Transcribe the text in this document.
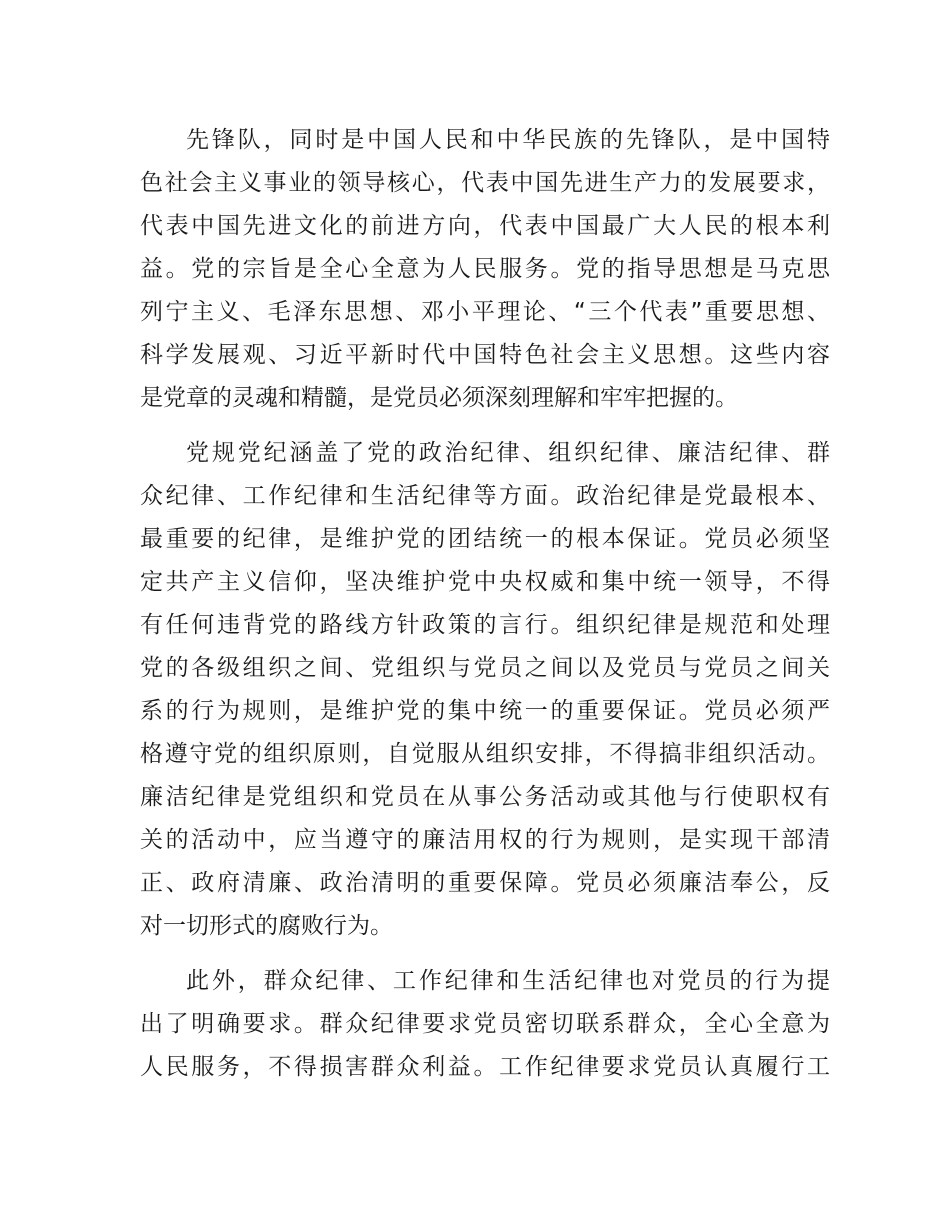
先锋队，同时是中国人民和中华民族的先锋队，是中国特
色社会主义事业的领导核心，代表中国先进生产力的发展要求，
代表中国先进文化的前进方向，代表中国最广大人民的根本利
益。党的宗旨是全心全意为人民服务。党的指导思想是马克思
列宁主义、毛泽东思想、邓小平理论、“三个代表”重要思想、
科学发展观、习近平新时代中国特色社会主义思想。这些内容
是党章的灵魂和精髓，是党员必须深刻理解和牢牢把握的。
党规党纪涵盖了党的政治纪律、组织纪律、廉洁纪律、群
众纪律、工作纪律和生活纪律等方面。政治纪律是党最根本、
最重要的纪律，是维护党的团结统一的根本保证。党员必须坚
定共产主义信仰，坚决维护党中央权威和集中统一领导，不得
有任何违背党的路线方针政策的言行。组织纪律是规范和处理
党的各级组织之间、党组织与党员之间以及党员与党员之间关
系的行为规则，是维护党的集中统一的重要保证。党员必须严
格遵守党的组织原则，自觉服从组织安排，不得搞非组织活动。
廉洁纪律是党组织和党员在从事公务活动或其他与行使职权有
关的活动中，应当遵守的廉洁用权的行为规则，是实现干部清
正、政府清廉、政治清明的重要保障。党员必须廉洁奉公，反
对一切形式的腐败行为。
此外，群众纪律、工作纪律和生活纪律也对党员的行为提
出了明确要求。群众纪律要求党员密切联系群众，全心全意为
人民服务，不得损害群众利益。工作纪律要求党员认真履行工
